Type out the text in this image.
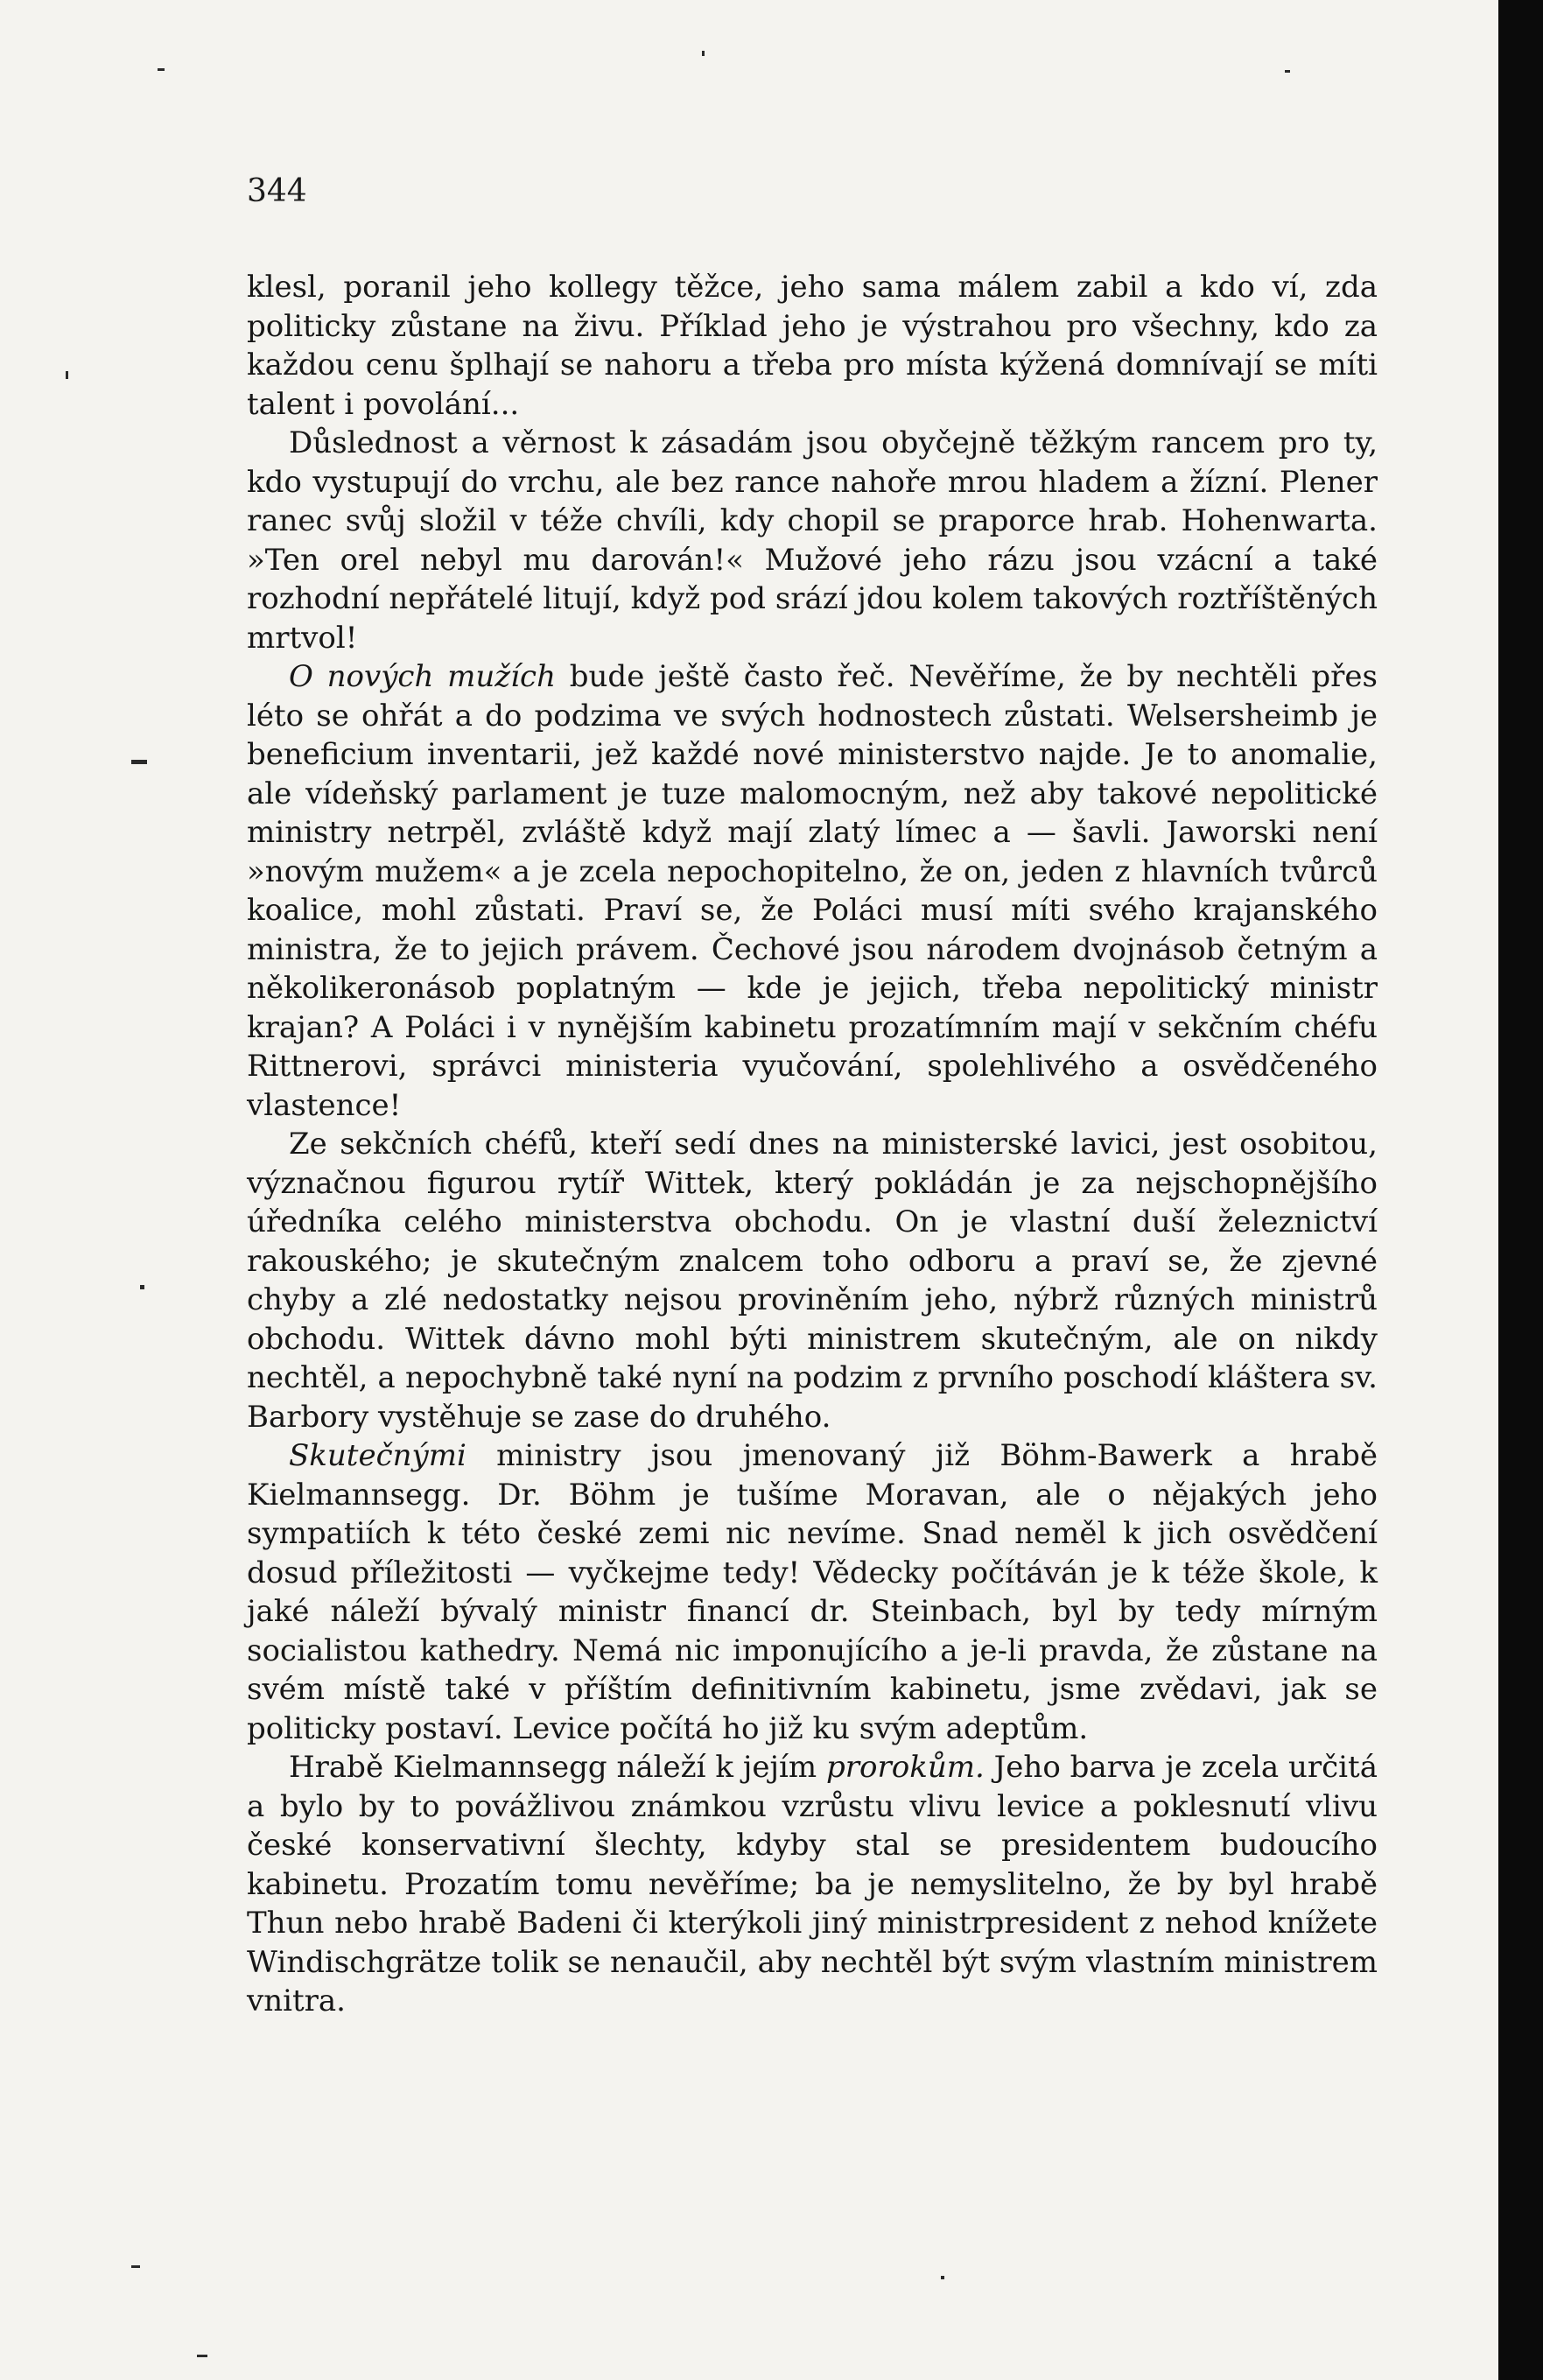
344

klesl, poranil jeho kollegy těžce, jeho sama málem zabil a kdo ví, zda politicky zůstane na živu. Příklad jeho je výstrahou pro všechny, kdo za každou cenu šplhají se nahoru a třeba pro místa kýžená domnívají se míti talent i povolání...

Důslednost a věrnost k zásadám jsou obyčejně těžkým rancem pro ty, kdo vystupují do vrchu, ale bez rance nahoře mrou hladem a žízní. Plener ranec svůj složil v téže chvíli, kdy chopil se praporce hrab. Hohenwarta. »Ten orel nebyl mu darován!« Mužové jeho rázu jsou vzácní a také rozhodní nepřátelé litují, když pod srází jdou kolem takových roztříštěných mrtvol!

O nových mužích bude ještě často řeč. Nevěříme, že by nechtěli přes léto se ohřát a do podzima ve svých hodnostech zůstati. Welsersheimb je beneficium inventarii, jež každé nové ministerstvo najde. Je to anomalie, ale vídeňský parlament je tuze malomocným, než aby takové nepolitické ministry netrpěl, zvláště když mají zlatý límec a — šavli. Jaworski není »novým mužem« a je zcela nepochopitelno, že on, jeden z hlavních tvůrců koalice, mohl zůstati. Praví se, že Poláci musí míti svého krajanského ministra, že to jejich právem. Čechové jsou národem dvojnásob četným a několikeronásob poplatným — kde je jejich, třeba nepolitický ministr krajan? A Poláci i v nynějším kabinetu prozatímním mají v sekčním chéfu Rittnerovi, správci ministeria vyučování, spolehlivého a osvědčeného vlastence!

Ze sekčních chéfů, kteří sedí dnes na ministerské lavici, jest osobitou, význačnou figurou rytíř Wittek, který pokládán je za nejschopnějšího úředníka celého ministerstva obchodu. On je vlastní duší železnictví rakouského; je skutečným znalcem toho odboru a praví se, že zjevné chyby a zlé nedostatky nejsou proviněním jeho, nýbrž různých ministrů obchodu. Wittek dávno mohl býti ministrem skutečným, ale on nikdy nechtěl, a nepochybně také nyní na podzim z prvního poschodí kláštera sv. Barbory vystěhuje se zase do druhého.

Skutečnými ministry jsou jmenovaný již Böhm-Bawerk a hrabě Kielmannsegg. Dr. Böhm je tušíme Moravan, ale o nějakých jeho sympatiích k této české zemi nic nevíme. Snad neměl k jich osvědčení dosud příležitosti — vyčkejme tedy! Vědecky počítáván je k téže škole, k jaké náleží bývalý ministr financí dr. Steinbach, byl by tedy mírným socialistou kathedry. Nemá nic imponujícího a je-li pravda, že zůstane na svém místě také v příštím definitivním kabinetu, jsme zvědavi, jak se politicky postaví. Levice počítá ho již ku svým adeptům.

Hrabě Kielmannsegg náleží k jejím prorokům. Jeho barva je zcela určitá a bylo by to povážlivou známkou vzrůstu vlivu levice a poklesnutí vlivu české konservativní šlechty, kdyby stal se presidentem budoucího kabinetu. Prozatím tomu nevěříme; ba je nemyslitelno, že by byl hrabě Thun nebo hrabě Badeni či kterýkoli jiný ministrpresident z nehod knížete Windischgrätze tolik se nenaučil, aby nechtěl být svým vlastním ministrem vnitra.
